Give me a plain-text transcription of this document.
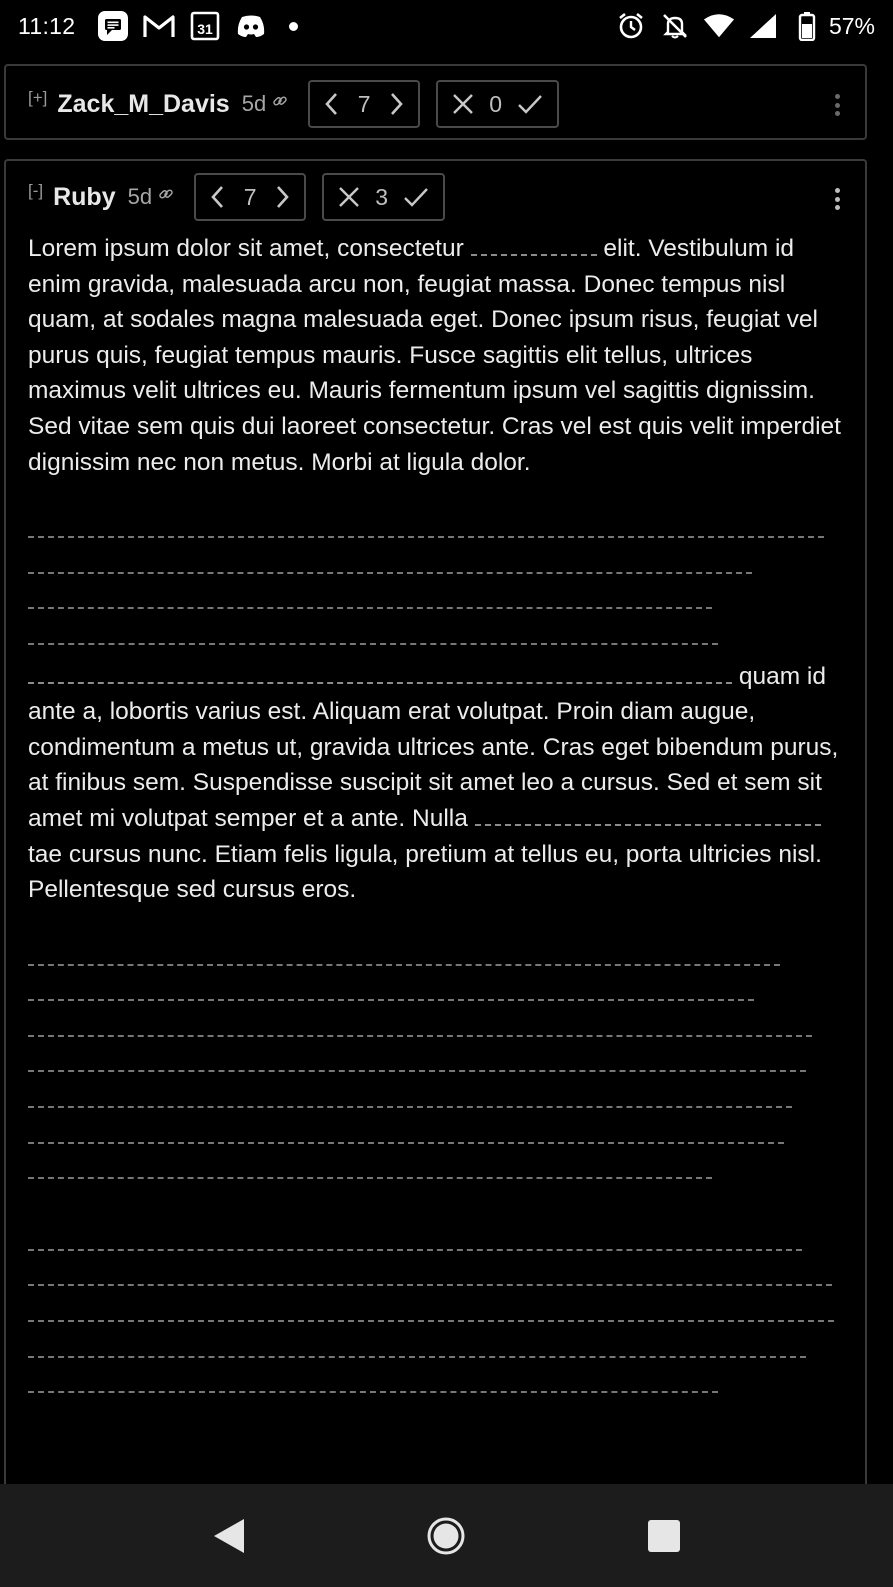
11:12	31	57%
[+] Zack_M_Davis 5d	7	0
[-] Ruby 5d	7	3

Lorem ipsum dolor sit amet, consectetur	elit. Vestibulum id enim gravida, malesuada arcu non, feugiat massa. Donec tempus nisl quam, at sodales magna malesuada eget. Donec ipsum risus, feugiat vel purus quis, feugiat tempus mauris. Fusce sagittis elit tellus, ultrices maximus velit ultrices eu. Mauris fermentum ipsum vel sagittis dignissim. Sed vitae sem quis dui laoreet consectetur. Cras vel est quis velit imperdiet dignissim nec non metus. Morbi at ligula dolor.

quam id ante a, lobortis varius est. Aliquam erat volutpat. Proin diam augue, condimentum a metus ut, gravida ultrices ante. Cras eget bibendum purus, at finibus sem. Suspendisse suscipit sit amet leo a cursus. Sed et sem sit amet mi volutpat semper et a ante. Nulla  tae cursus nunc. Etiam felis ligula, pretium at tellus eu, porta ultricies nisl. Pellentesque sed cursus eros.
